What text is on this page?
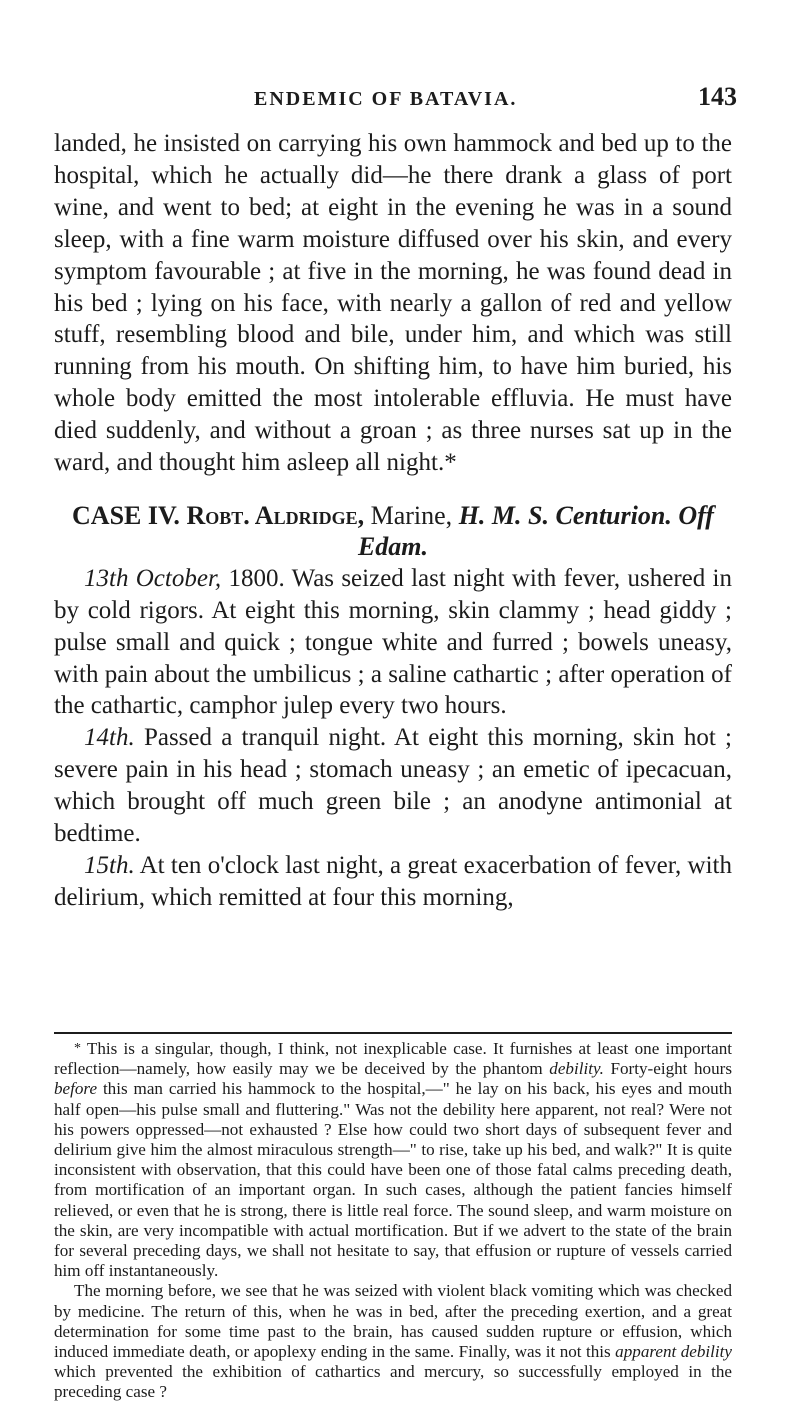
ENDEMIC OF BATAVIA.	143

landed, he insisted on carrying his own hammock and bed up to the hospital, which he actually did—he there drank a glass of port wine, and went to bed; at eight in the evening he was in a sound sleep, with a fine warm moisture diffused over his skin, and every symptom favourable ; at five in the morning, he was found dead in his bed ; lying on his face, with nearly a gallon of red and yellow stuff, resembling blood and bile, under him, and which was still running from his mouth. On shifting him, to have him buried, his whole body emitted the most intolerable effluvia. He must have died suddenly, and without a groan ; as three nurses sat up in the ward, and thought him asleep all night.*

CASE IV. Robt. Aldridge, Marine, H. M. S. Centurion. Off Edam.

13th October, 1800. Was seized last night with fever, ushered in by cold rigors. At eight this morning, skin clammy ; head giddy ; pulse small and quick ; tongue white and furred ; bowels uneasy, with pain about the umbilicus ; a saline cathartic ; after operation of the cathartic, camphor julep every two hours.

14th. Passed a tranquil night. At eight this morning, skin hot ; severe pain in his head ; stomach uneasy ; an emetic of ipecacuan, which brought off much green bile ; an anodyne antimonial at bedtime.

15th. At ten o'clock last night, a great exacerbation of fever, with delirium, which remitted at four this morning,

* This is a singular, though, I think, not inexplicable case. It furnishes at least one important reflection—namely, how easily may we be deceived by the phantom debility. Forty-eight hours before this man carried his hammock to the hospital,—" he lay on his back, his eyes and mouth half open—his pulse small and fluttering." Was not the debility here apparent, not real? Were not his powers oppressed—not exhausted ? Else how could two short days of subsequent fever and delirium give him the almost miraculous strength—" to rise, take up his bed, and walk?" It is quite inconsistent with observation, that this could have been one of those fatal calms preceding death, from mortification of an important organ. In such cases, although the patient fancies himself relieved, or even that he is strong, there is little real force. The sound sleep, and warm moisture on the skin, are very incompatible with actual mortification. But if we advert to the state of the brain for several preceding days, we shall not hesitate to say, that effusion or rupture of vessels carried him off instantaneously.

The morning before, we see that he was seized with violent black vomiting which was checked by medicine. The return of this, when he was in bed, after the preceding exertion, and a great determination for some time past to the brain, has caused sudden rupture or effusion, which induced immediate death, or apoplexy ending in the same. Finally, was it not this apparent debility which prevented the exhibition of cathartics and mercury, so successfully employed in the preceding case ?
